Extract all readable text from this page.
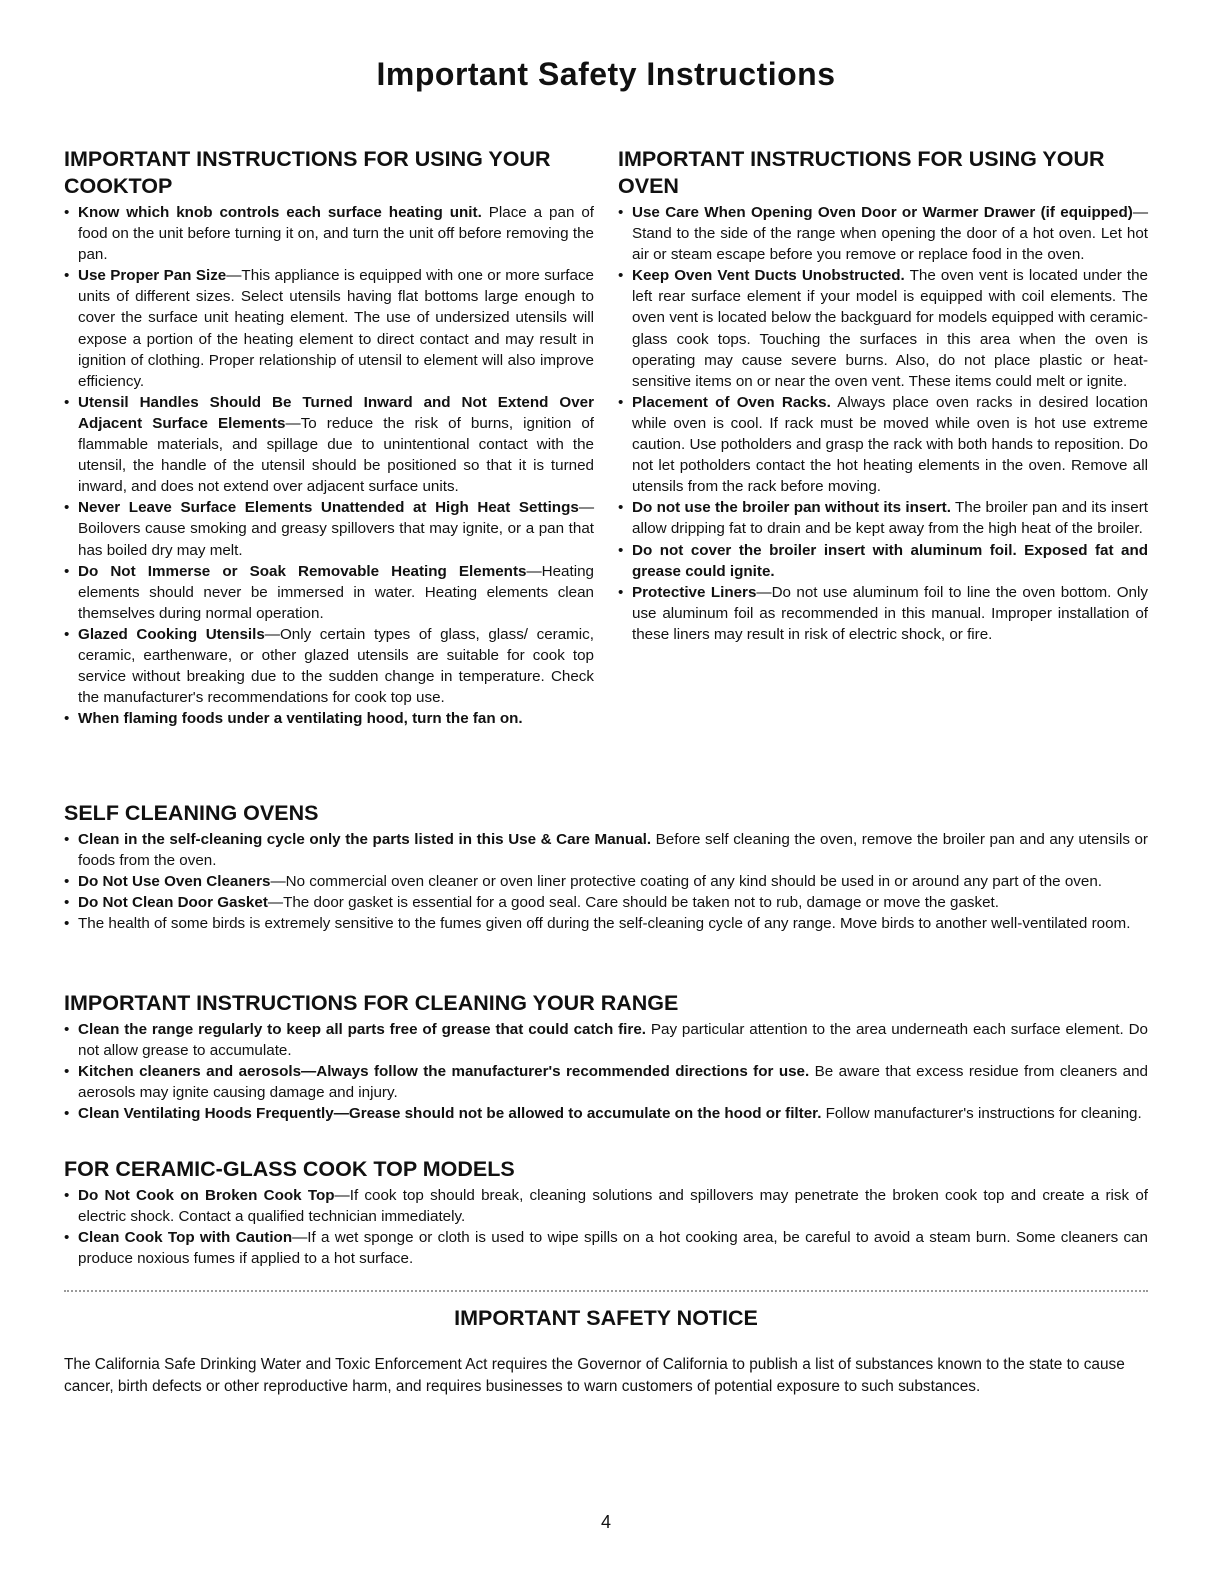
Important Safety Instructions
IMPORTANT INSTRUCTIONS FOR USING YOUR COOKTOP
• Know which knob controls each surface heating unit. Place a pan of food on the unit before turning it on, and turn the unit off before removing the pan.
• Use Proper Pan Size—This appliance is equipped with one or more surface units of different sizes. Select utensils having flat bottoms large enough to cover the surface unit heating element. The use of undersized utensils will expose a portion of the heating element to direct contact and may result in ignition of clothing. Proper relationship of utensil to element will also improve efficiency.
• Utensil Handles Should Be Turned Inward and Not Extend Over Adjacent Surface Elements—To reduce the risk of burns, ignition of flammable materials, and spillage due to unintentional contact with the utensil, the handle of the utensil should be positioned so that it is turned inward, and does not extend over adjacent surface units.
• Never Leave Surface Elements Unattended at High Heat Settings—Boilovers cause smoking and greasy spillovers that may ignite, or a pan that has boiled dry may melt.
• Do Not Immerse or Soak Removable Heating Elements—Heating elements should never be immersed in water. Heating elements clean themselves during normal operation.
• Glazed Cooking Utensils—Only certain types of glass, glass/ ceramic, ceramic, earthenware, or other glazed utensils are suitable for cook top service without breaking due to the sudden change in temperature. Check the manufacturer's recommendations for cook top use.
• When flaming foods under a ventilating hood, turn the fan on.
IMPORTANT INSTRUCTIONS FOR USING YOUR OVEN
• Use Care When Opening Oven Door or Warmer Drawer (if equipped)—Stand to the side of the range when opening the door of a hot oven. Let hot air or steam escape before you remove or replace food in the oven.
• Keep Oven Vent Ducts Unobstructed. The oven vent is located under the left rear surface element if your model is equipped with coil elements. The oven vent is located below the backguard for models equipped with ceramic-glass cook tops. Touching the surfaces in this area when the oven is operating may cause severe burns. Also, do not place plastic or heat-sensitive items on or near the oven vent. These items could melt or ignite.
• Placement of Oven Racks. Always place oven racks in desired location while oven is cool. If rack must be moved while oven is hot use extreme caution. Use potholders and grasp the rack with both hands to reposition. Do not let potholders contact the hot heating elements in the oven. Remove all utensils from the rack before moving.
• Do not use the broiler pan without its insert. The broiler pan and its insert allow dripping fat to drain and be kept away from the high heat of the broiler.
• Do not cover the broiler insert with aluminum foil. Exposed fat and grease could ignite.
• Protective Liners—Do not use aluminum foil to line the oven bottom. Only use aluminum foil as recommended in this manual. Improper installation of these liners may result in risk of electric shock, or fire.
SELF CLEANING OVENS
• Clean in the self-cleaning cycle only the parts listed in this Use & Care Manual. Before self cleaning the oven, remove the broiler pan and any utensils or foods from the oven.
• Do Not Use Oven Cleaners—No commercial oven cleaner or oven liner protective coating of any kind should be used in or around any part of the oven.
• Do Not Clean Door Gasket—The door gasket is essential for a good seal. Care should be taken not to rub, damage or move the gasket.
• The health of some birds is extremely sensitive to the fumes given off during the self-cleaning cycle of any range. Move birds to another well-ventilated room.
IMPORTANT INSTRUCTIONS FOR CLEANING YOUR RANGE
• Clean the range regularly to keep all parts free of grease that could catch fire. Pay particular attention to the area underneath each surface element. Do not allow grease to accumulate.
• Kitchen cleaners and aerosols—Always follow the manufacturer's recommended directions for use. Be aware that excess residue from cleaners and aerosols may ignite causing damage and injury.
• Clean Ventilating Hoods Frequently—Grease should not be allowed to accumulate on the hood or filter. Follow manufacturer's instructions for cleaning.
FOR CERAMIC-GLASS COOK TOP MODELS
• Do Not Cook on Broken Cook Top—If cook top should break, cleaning solutions and spillovers may penetrate the broken cook top and create a risk of electric shock. Contact a qualified technician immediately.
• Clean Cook Top with Caution—If a wet sponge or cloth is used to wipe spills on a hot cooking area, be careful to avoid a steam burn. Some cleaners can produce noxious fumes if applied to a hot surface.
IMPORTANT SAFETY NOTICE
The California Safe Drinking Water and Toxic Enforcement Act requires the Governor of California to publish a list of substances known to the state to cause cancer, birth defects or other reproductive harm, and requires businesses to warn customers of potential exposure to such substances.
4
